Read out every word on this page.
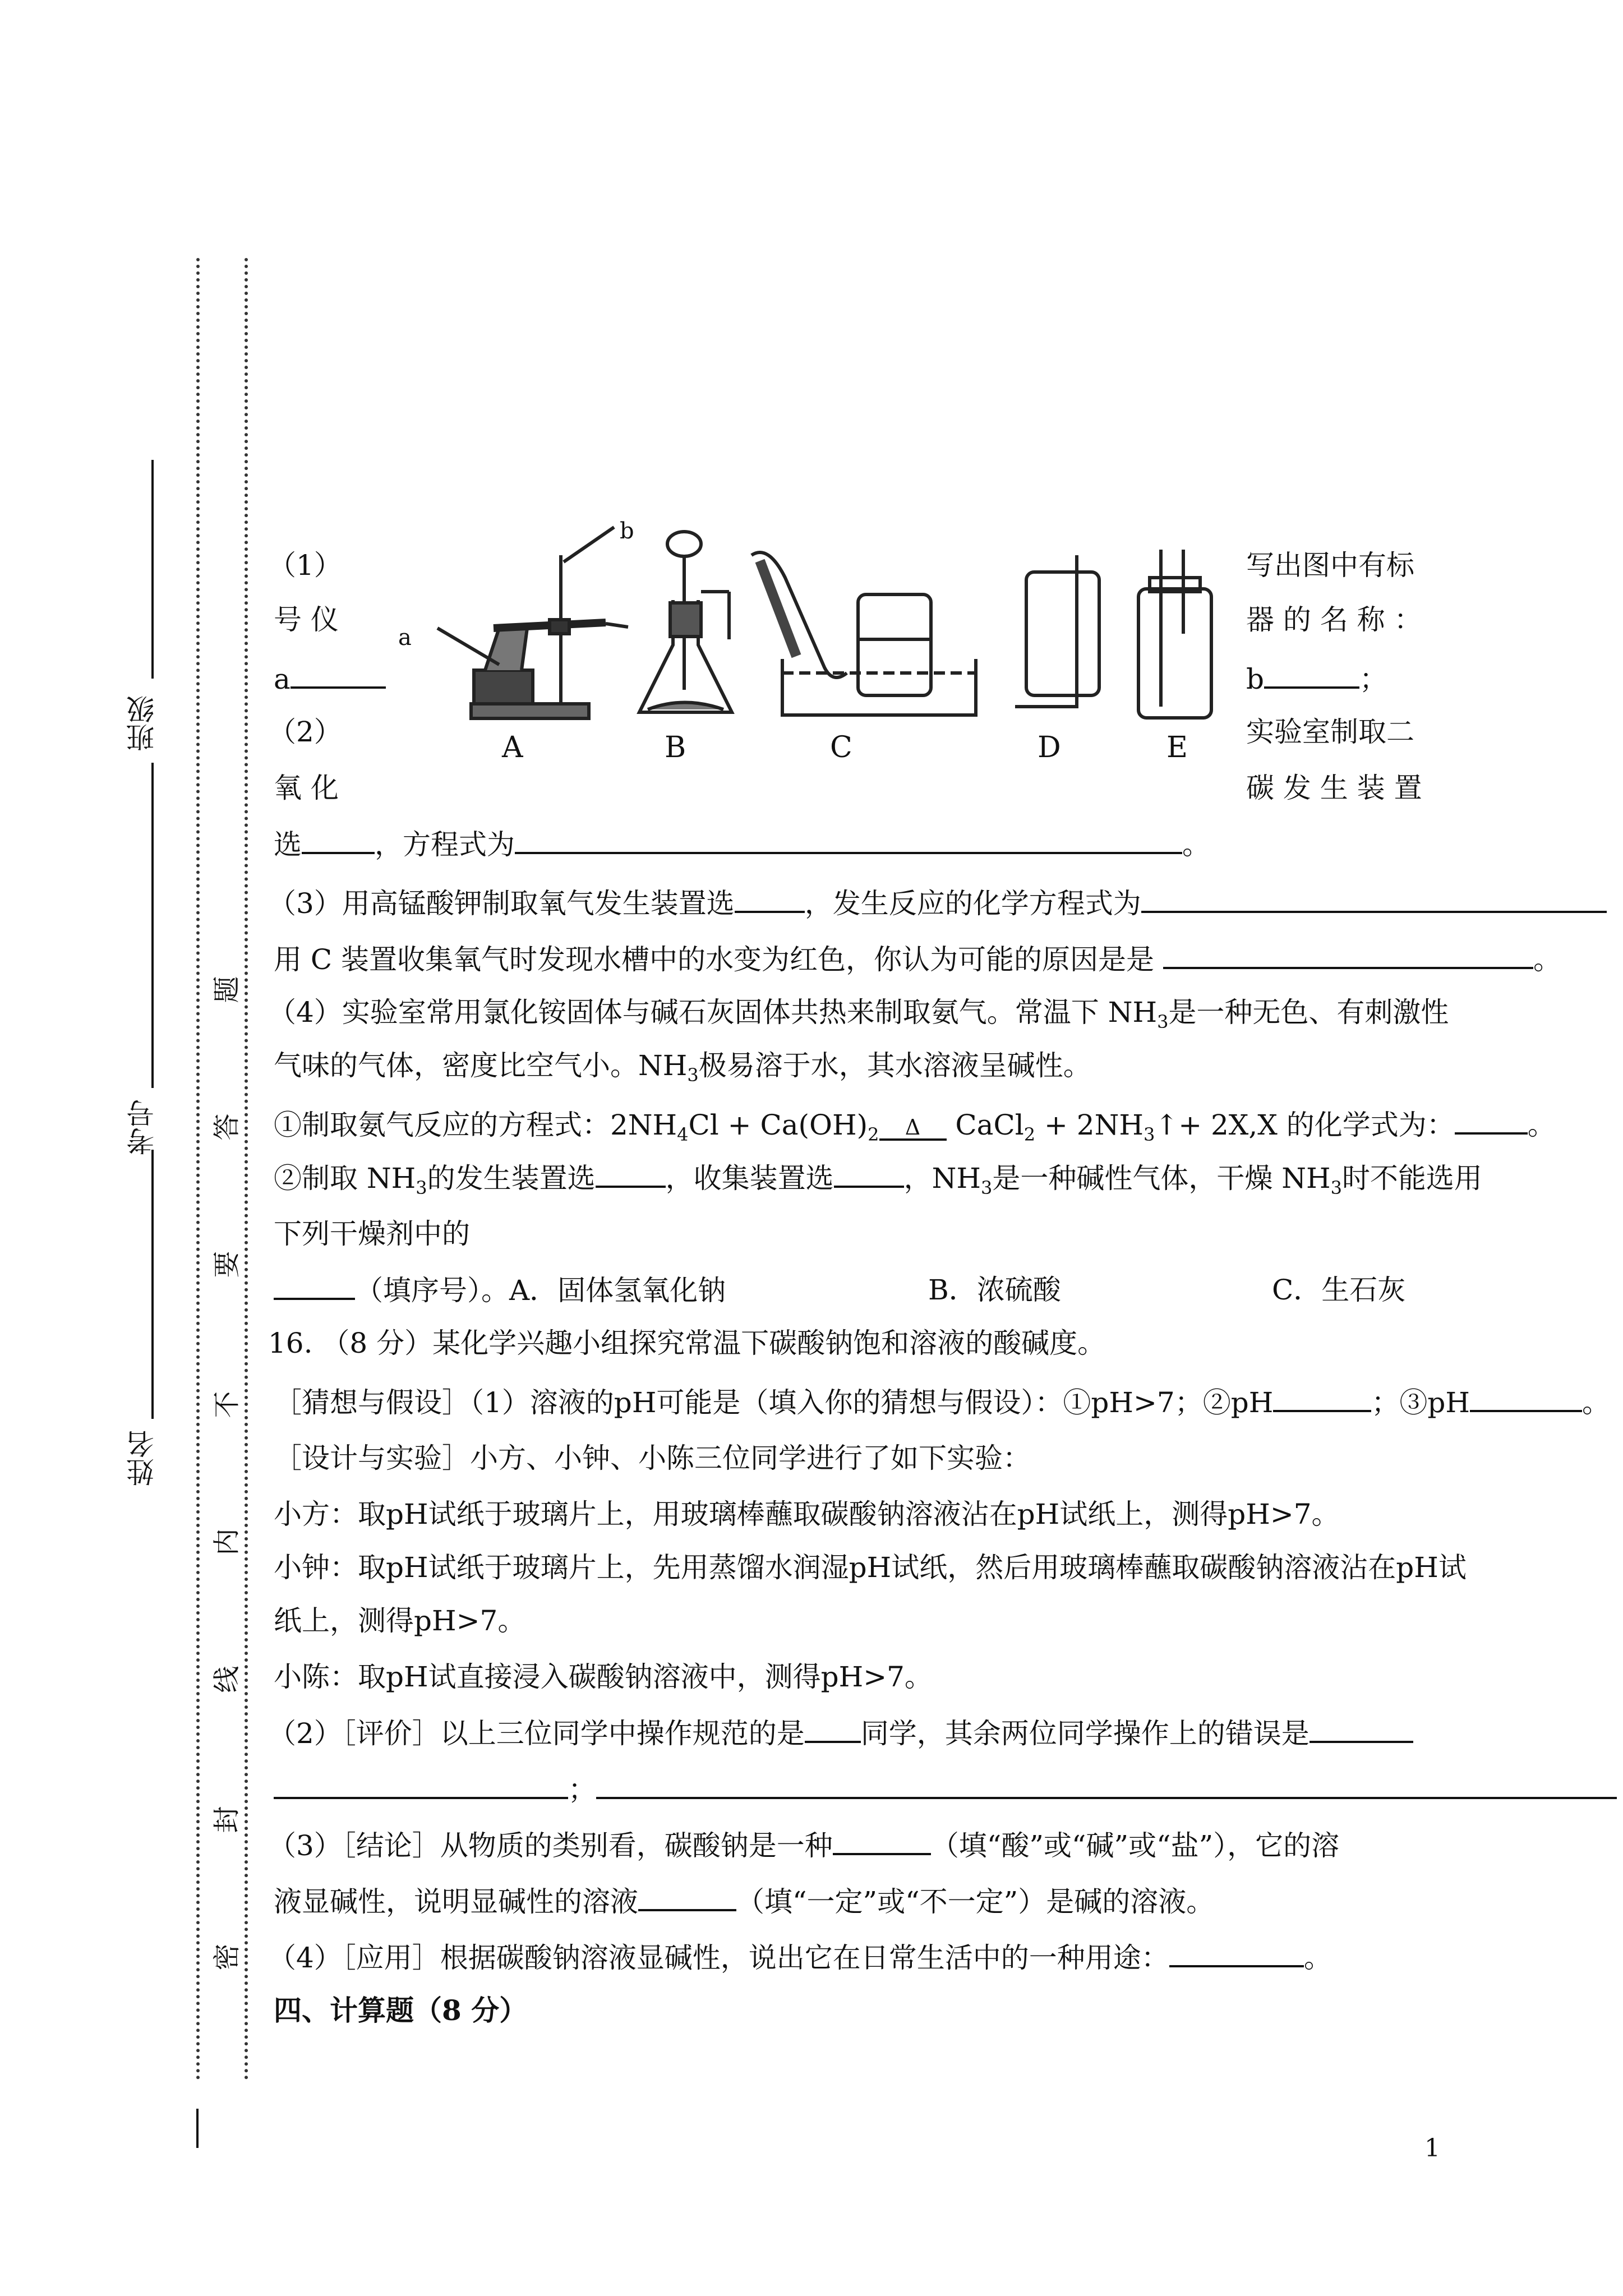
班级
考号
姓名
密
封
线
内
不
要
答
题
A	B	C	D	E
a
b
（1）
号 仪
a
（2）
氧 化
写出图中有标
器 的 名 称 ：
b	；
实验室制取二
碳 发 生 装 置
选	，方程式为	。
（3）用高锰酸钾制取氧气发生装置选	，发生反应的化学方程式为
用 C 装置收集氧气时发现水槽中的水变为红色，你认为可能的原因是是	。
（4）实验室常用氯化铵固体与碱石灰固体共热来制取氨气。常温下 $NH_3$是一种无色、有刺激性
气味的气体，密度比空气小。$NH_3$极易溶于水，其水溶液呈碱性。
①制取氨气反应的方程式：$2NH_4Cl + Ca(OH)_2$ Δ CaCl$_2$ + $2NH_3↑+ 2X,X$ 的化学式为：	。
②制取 $NH_3$的发生装置选	，收集装置选	，$NH_3$是一种碱性气体，干燥 $NH_3$时不能选用
下列干燥剂中的
（填序号）。A．固体氢氧化钠	B．浓硫酸	C．生石灰
16. （8 分）某化学兴趣小组探究常温下碳酸钠饱和溶液的酸碱度。
［猜想与假设］（1）溶液的pH可能是（填入你的猜想与假设）：①pH>7；②pH	；③pH	。
［设计与实验］小方、小钟、小陈三位同学进行了如下实验：
小方：取pH试纸于玻璃片上，用玻璃棒蘸取碳酸钠溶液沾在pH试纸上，测得pH>7。
小钟：取pH试纸于玻璃片上，先用蒸馏水润湿pH试纸，然后用玻璃棒蘸取碳酸钠溶液沾在pH试
纸上，测得pH>7。
小陈：取pH试直接浸入碳酸钠溶液中，测得pH>7。
（2）［评价］以上三位同学中操作规范的是 同学，其余两位同学操作上的错误是
；
（3）［结论］从物质的类别看，碳酸钠是一种	（填“酸”或“碱”或“盐”），它的溶
液显碱性，说明显碱性的溶液	（填“一定”或“不一定”）是碱的溶液。
（4）［应用］根据碳酸钠溶液显碱性，说出它在日常生活中的一种用途：	。
四、计算题（8 分）
1
